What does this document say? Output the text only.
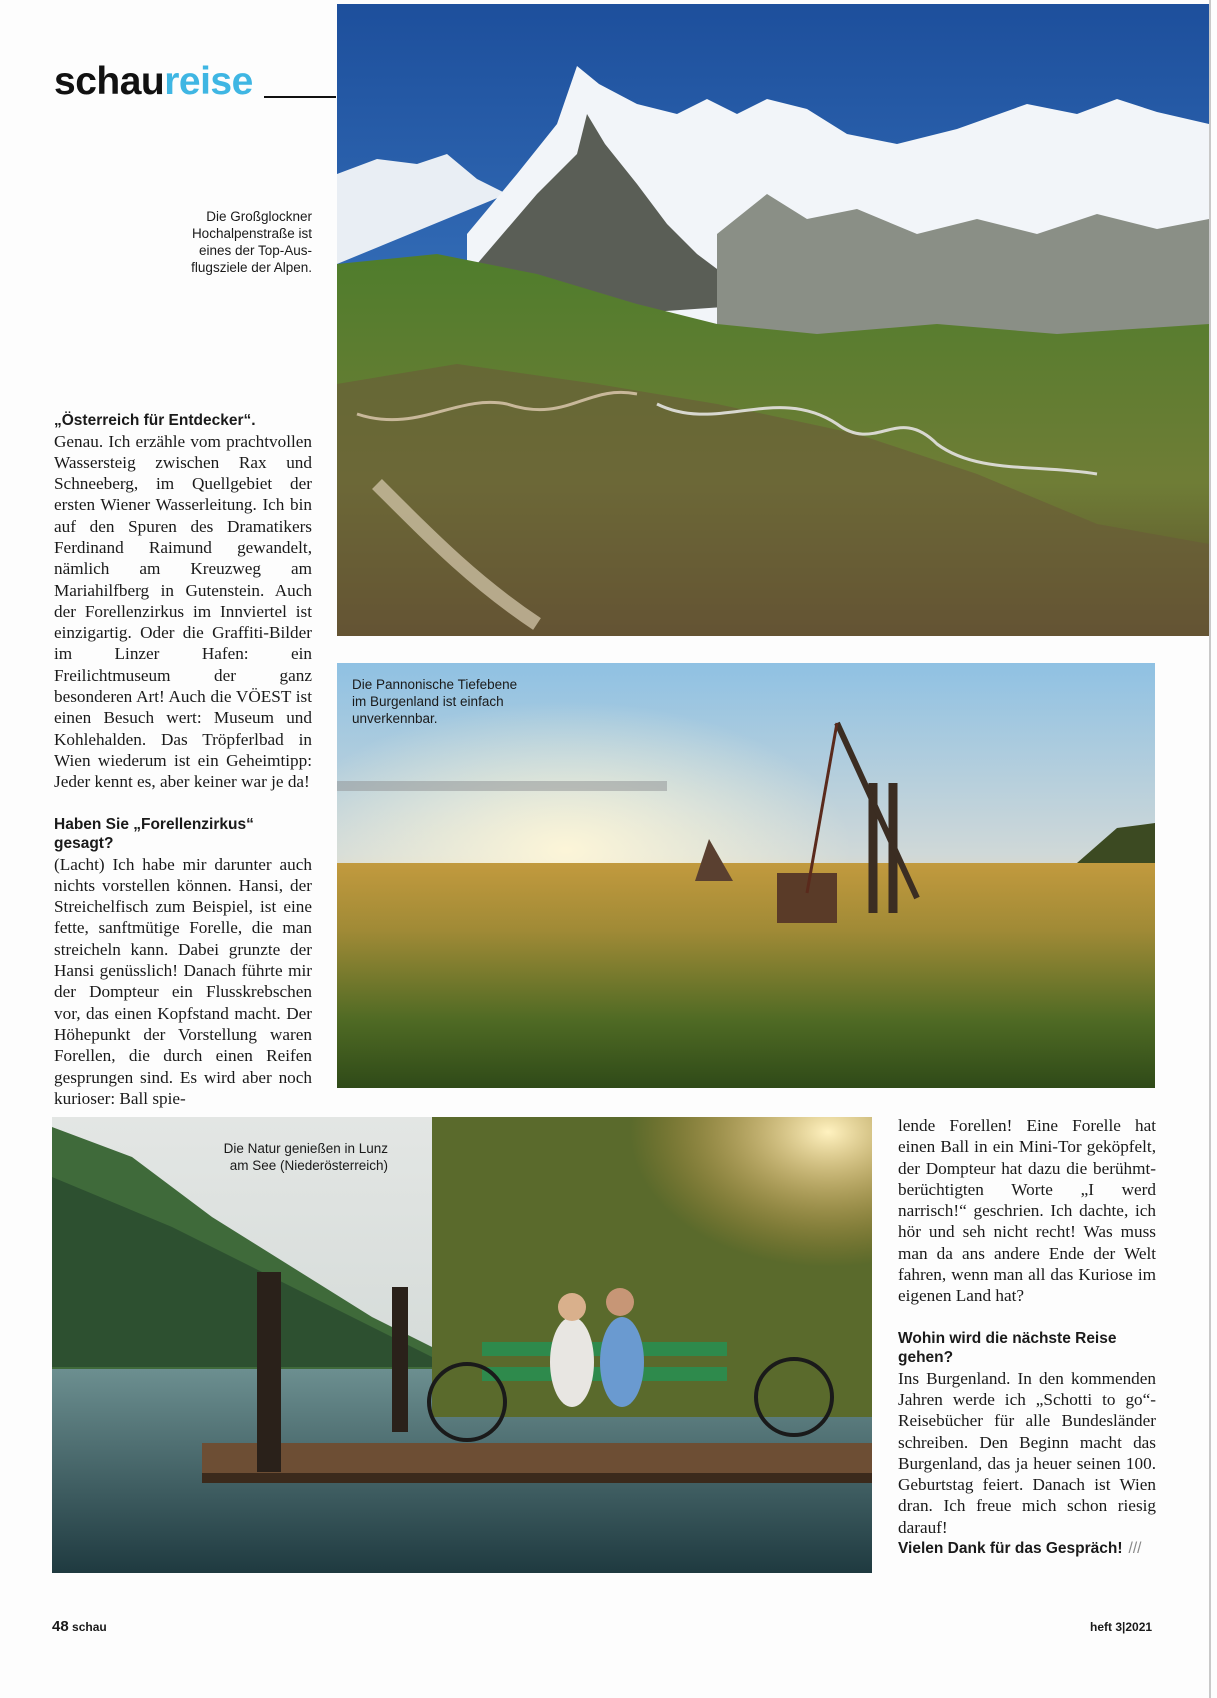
schaureise
Die Großglockner
Hochalpenstraße ist
eines der Top-Aus-
flugsziele der Alpen.

„Österreich für Entdecker“.

Genau. Ich erzähle vom prachtvollen Wassersteig zwischen Rax und Schneeberg, im Quellgebiet der ersten Wiener Wasserleitung. Ich bin auf den Spuren des Dramatikers Ferdinand Raimund gewandelt, nämlich am Kreuzweg am Mariahilfberg in Gutenstein. Auch der Forellenzirkus im Innviertel ist einzigartig. Oder die Graffiti-Bilder im Linzer Hafen: ein Freilichtmuseum der ganz besonderen Art! Auch die VÖEST ist einen Besuch wert: Museum und Kohlehalden. Das Tröpferlbad in Wien wiederum ist ein Geheimtipp: Jeder kennt es, aber keiner war je da!

Haben Sie „Forellenzirkus“ gesagt?

(Lacht) Ich habe mir darunter auch nichts vorstellen können. Hansi, der Streichelfisch zum Beispiel, ist eine fette, sanftmütige Forelle, die man streicheln kann. Dabei grunzte der Hansi genüsslich! Danach führte mir der Dompteur ein Flusskrebschen vor, das einen Kopfstand macht. Der Höhepunkt der Vorstellung waren Forellen, die durch einen Reifen gesprungen sind. Es wird aber noch kurioser: Ball spie-

Die Pannonische Tiefebene
im Burgenland ist einfach
unverkennbar.
Die Natur genießen in Lunz
am See (Niederösterreich)

lende Forellen! Eine Forelle hat einen Ball in ein Mini-Tor geköpfelt, der Dompteur hat dazu die berühmt-berüchtigten Worte „I werd narrisch!“ geschrien. Ich dachte, ich hör und seh nicht recht! Was muss man da ans andere Ende der Welt fahren, wenn man all das Kuriose im eigenen Land hat?

Wohin wird die nächste Reise gehen?

Ins Burgenland. In den kommenden Jahren werde ich „Schotti to go“-Reisebücher für alle Bundesländer schreiben. Den Beginn macht das Burgenland, das ja heuer seinen 100. Geburtstag feiert. Danach ist Wien dran. Ich freue mich schon riesig darauf!

Vielen Dank für das Gespräch! ///

48 schau	heft 3|2021
